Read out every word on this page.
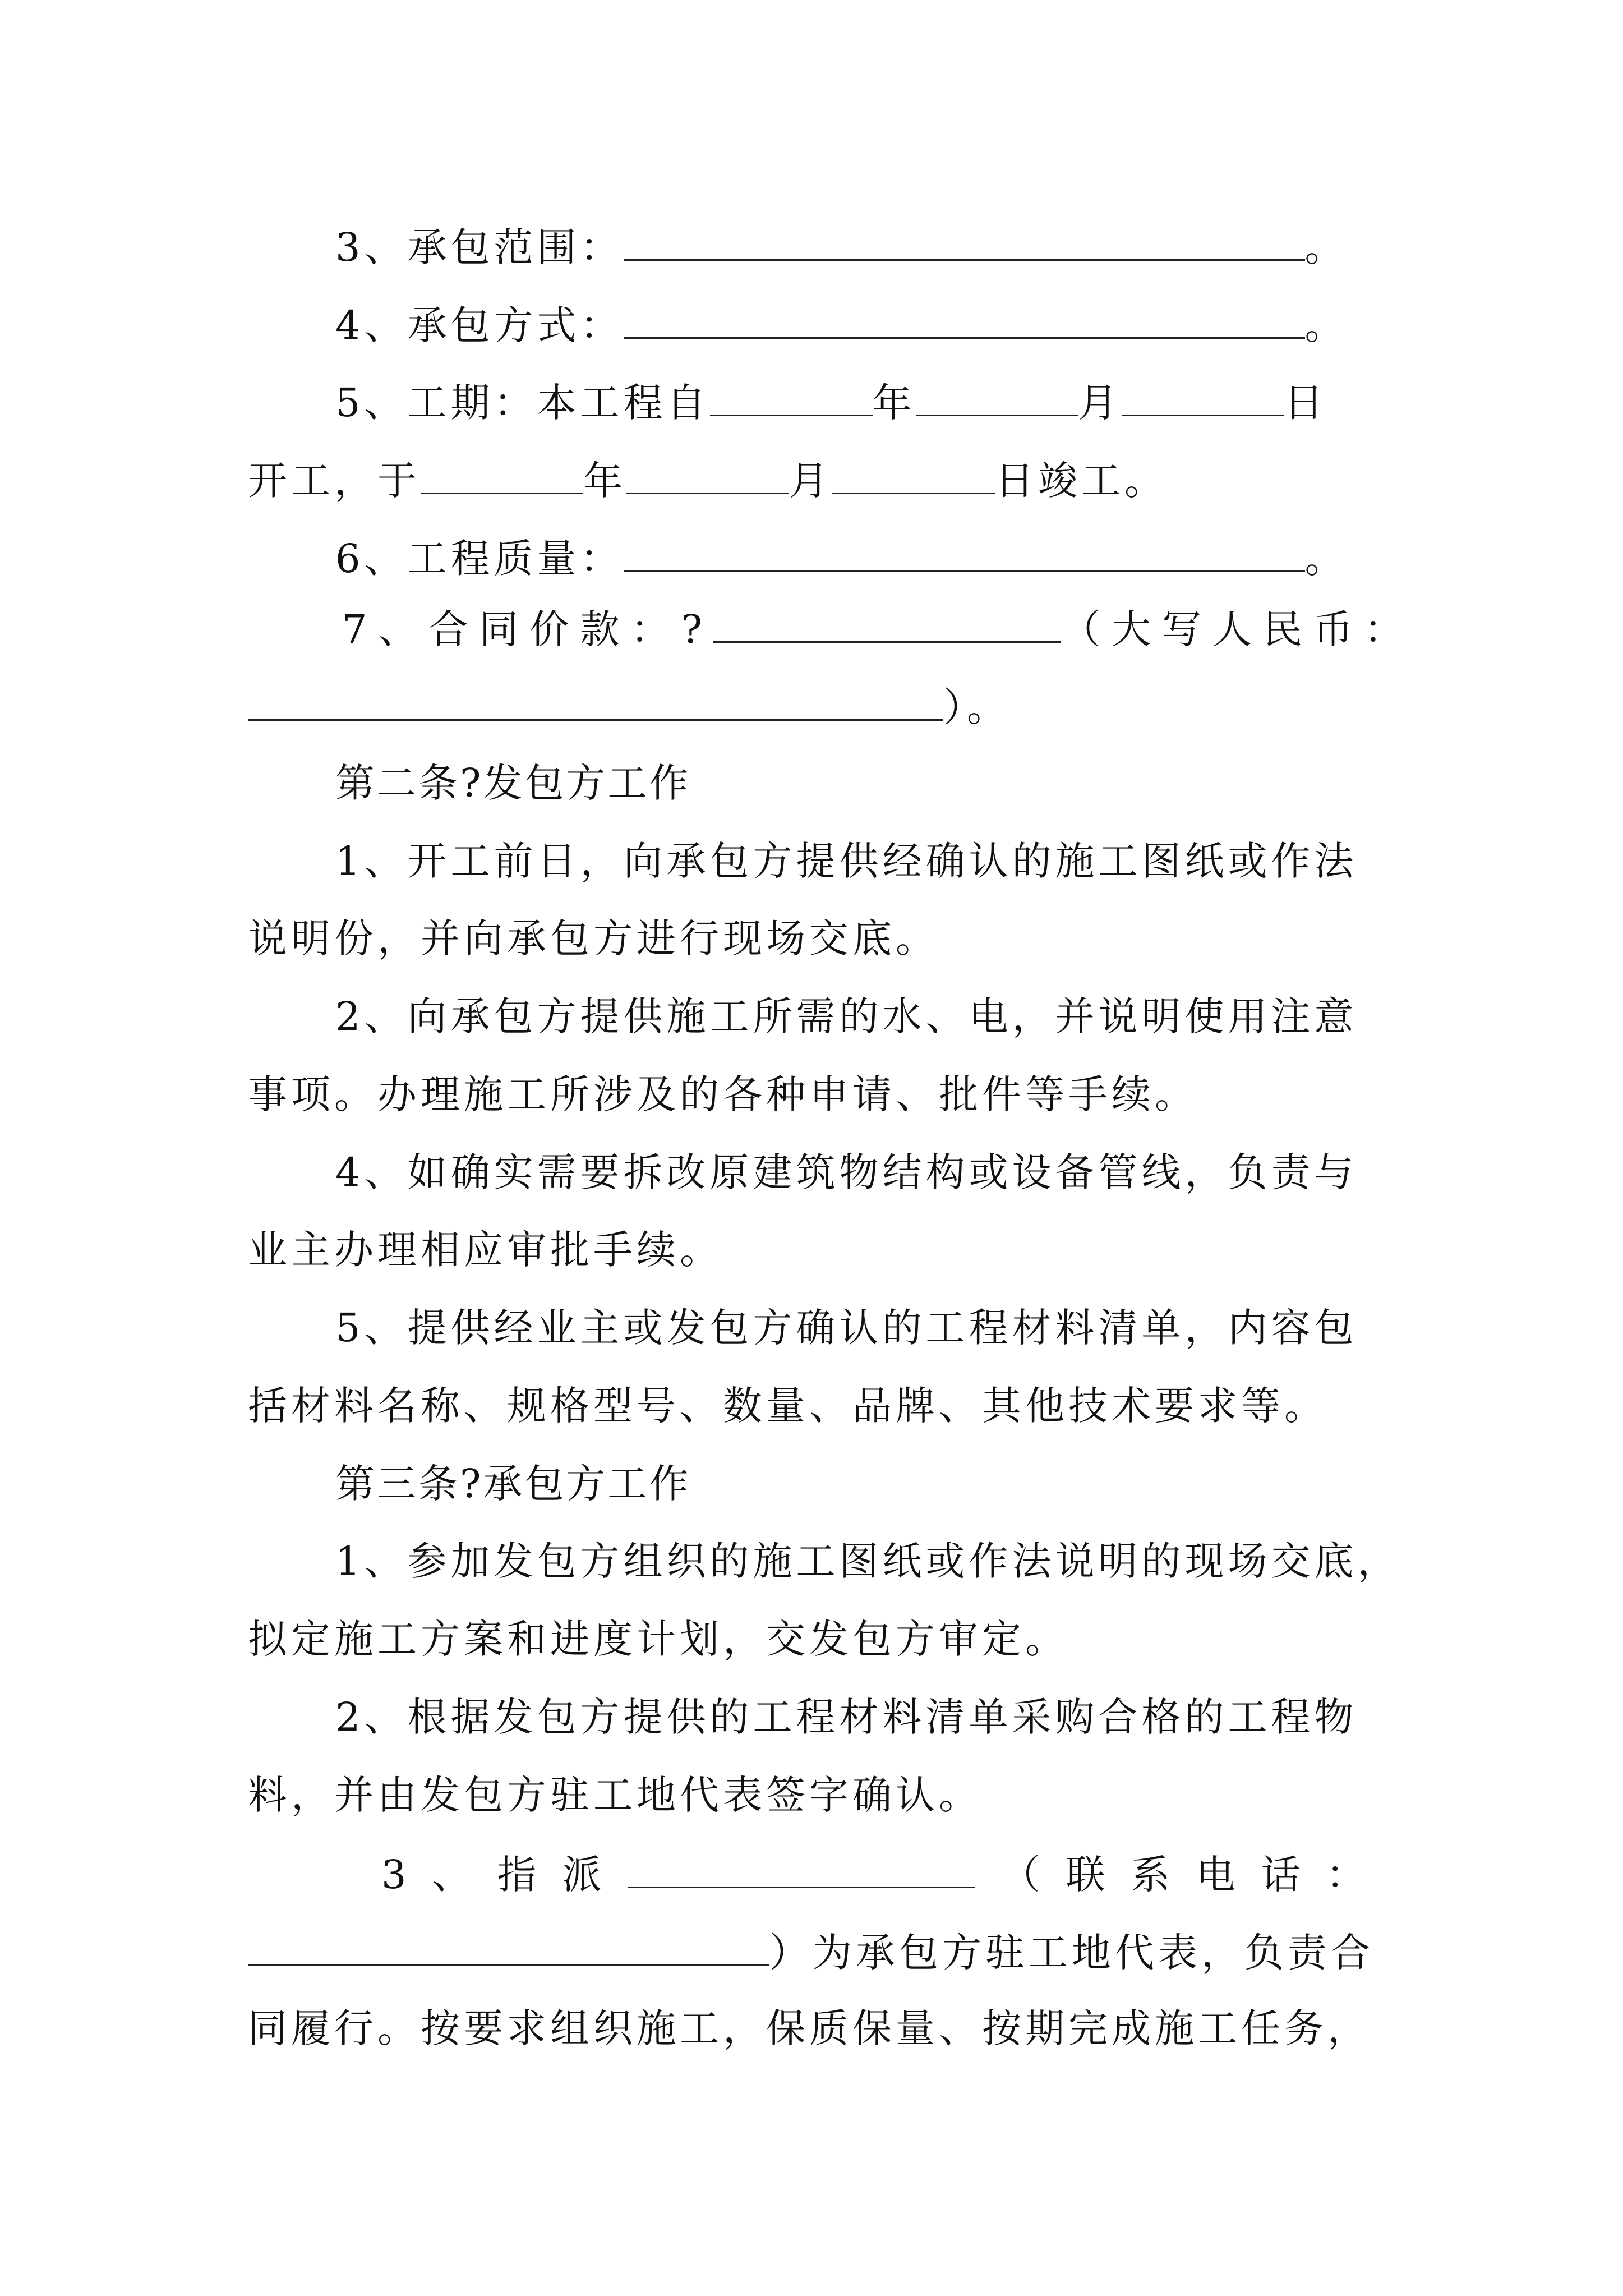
3、承包范围：	。
4、承包方式：	。
5、工期：本工程自	年	月	日
开工，于	年	月	日竣工。
6、工程质量：	。
7、合同价款：?	（大写人民币：
）。
第二条?发包方工作
1、开工前日，向承包方提供经确认的施工图纸或作法
说明份，并向承包方进行现场交底。
2、向承包方提供施工所需的水、电，并说明使用注意
事项。办理施工所涉及的各种申请、批件等手续。
4、如确实需要拆改原建筑物结构或设备管线，负责与
业主办理相应审批手续。
5、提供经业主或发包方确认的工程材料清单，内容包
括材料名称、规格型号、数量、品牌、其他技术要求等。
第三条?承包方工作
1、参加发包方组织的施工图纸或作法说明的现场交底，
拟定施工方案和进度计划，交发包方审定。
2、根据发包方提供的工程材料清单采购合格的工程物
料，并由发包方驻工地代表签字确认。
3、指派	（联系电话：
）为承包方驻工地代表，负责合
同履行。按要求组织施工，保质保量、按期完成施工任务，
